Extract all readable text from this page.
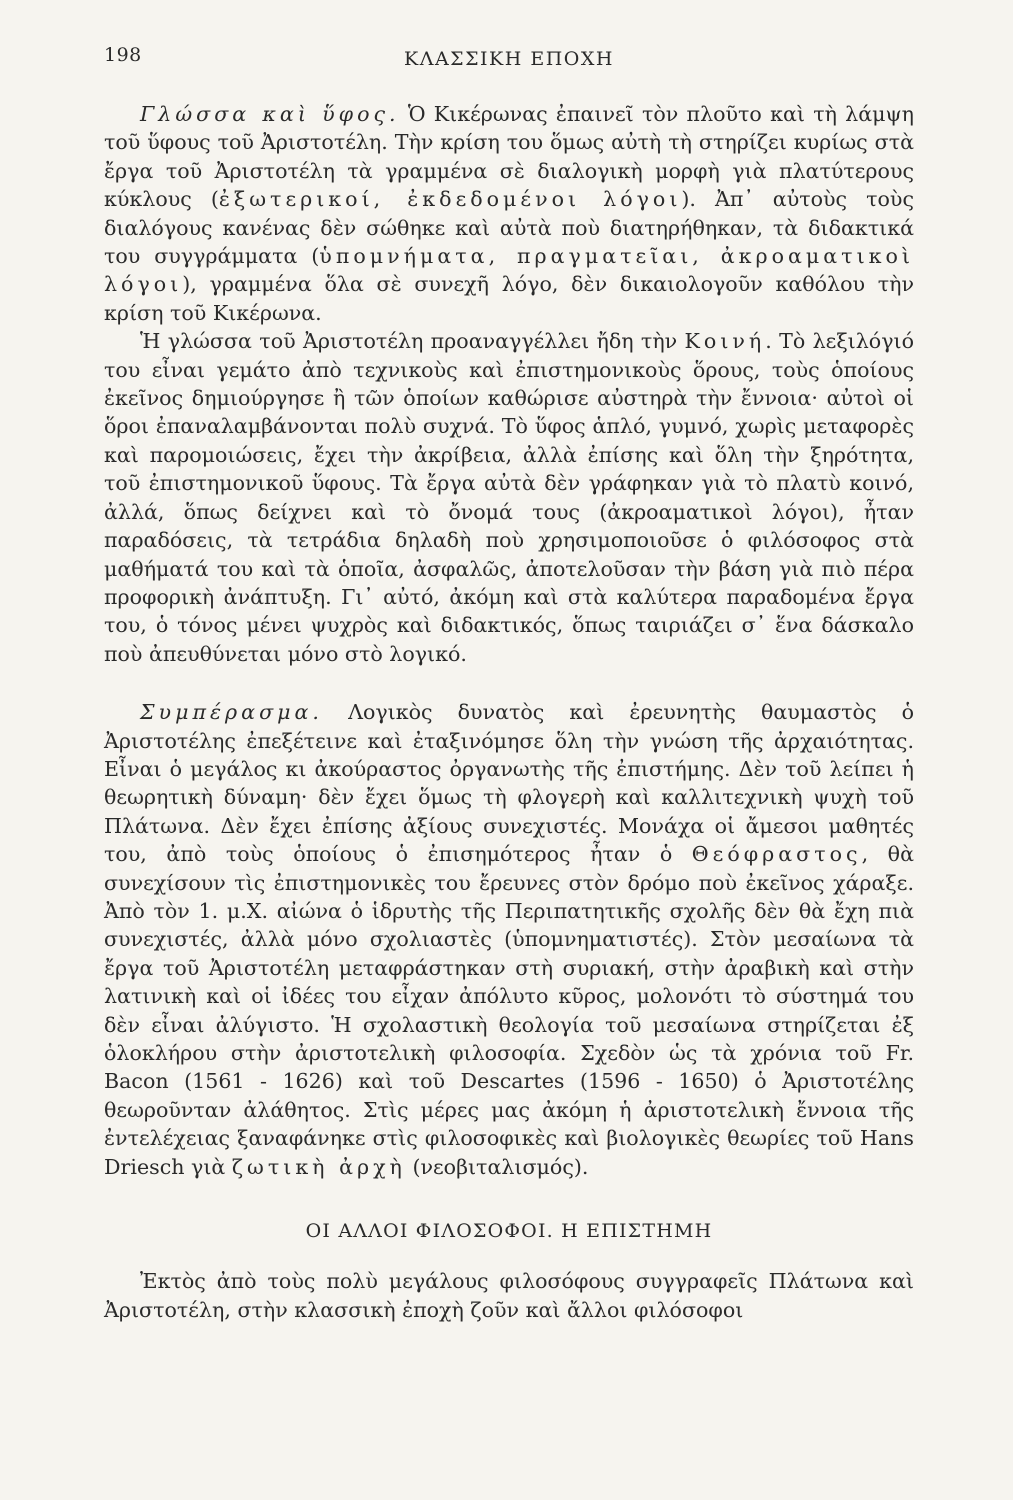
198	ΚΛΑΣΣΙΚΗ ΕΠΟΧΗ

Γλώσσα καὶ ὕφος. Ὁ Κικέρωνας ἐπαινεῖ τὸν πλοῦτο καὶ τὴ λάμψη τοῦ ὕφους τοῦ Ἀριστοτέλη. Τὴν κρίση του ὅμως αὐτὴ τὴ στηρίζει κυρίως στὰ ἔργα τοῦ Ἀριστοτέλη τὰ γραμμένα σὲ διαλογικὴ μορφὴ γιὰ πλατύτερους κύκλους (ἐξωτερικοί, ἐκδεδομένοι λόγοι). Ἀπ᾽ αὐτοὺς τοὺς διαλόγους κανένας δὲν σώθηκε καὶ αὐτὰ ποὺ διατηρήθηκαν, τὰ διδακτικά του συγγράμματα (ὑπομνήματα, πραγματεῖαι, ἀκροαματικοὶ λόγοι), γραμμένα ὅλα σὲ συνεχῆ λόγο, δὲν δικαιολογοῦν καθόλου τὴν κρίση τοῦ Κικέρωνα.

Ἡ γλώσσα τοῦ Ἀριστοτέλη προαναγγέλλει ἤδη τὴν Κοινή. Τὸ λεξιλόγιό του εἶναι γεμάτο ἀπὸ τεχνικοὺς καὶ ἐπιστημονικοὺς ὅρους, τοὺς ὁποίους ἐκεῖνος δημιούργησε ἢ τῶν ὁποίων καθώρισε αὐστηρὰ τὴν ἔννοια· αὐτοὶ οἱ ὅροι ἐπαναλαμβάνονται πολὺ συχνά. Τὸ ὕφος ἁπλό, γυμνό, χωρὶς μεταφορὲς καὶ παρομοιώσεις, ἔχει τὴν ἀκρίβεια, ἀλλὰ ἐπίσης καὶ ὅλη τὴν ξηρότητα, τοῦ ἐπιστημονικοῦ ὕφους. Τὰ ἔργα αὐτὰ δὲν γράφηκαν γιὰ τὸ πλατὺ κοινό, ἀλλά, ὅπως δείχνει καὶ τὸ ὄνομά τους (ἀκροαματικοὶ λόγοι), ἦταν παραδόσεις, τὰ τετράδια δηλαδὴ ποὺ χρησιμοποιοῦσε ὁ φιλόσοφος στὰ μαθήματά του καὶ τὰ ὁποῖα, ἀσφαλῶς, ἀποτελοῦσαν τὴν βάση γιὰ πιὸ πέρα προφορικὴ ἀνάπτυξη. Γι᾽ αὐτό, ἀκόμη καὶ στὰ καλύτερα παραδομένα ἔργα του, ὁ τόνος μένει ψυχρὸς καὶ διδακτικός, ὅπως ταιριάζει σ᾽ ἕνα δάσκαλο ποὺ ἀπευθύνεται μόνο στὸ λογικό.

Συμπέρασμα. Λογικὸς δυνατὸς καὶ ἐρευνητὴς θαυμαστὸς ὁ Ἀριστοτέλης ἐπεξέτεινε καὶ ἐταξινόμησε ὅλη τὴν γνώση τῆς ἀρχαιότητας. Εἶναι ὁ μεγάλος κι ἀκούραστος ὀργανωτὴς τῆς ἐπιστήμης. Δὲν τοῦ λείπει ἡ θεωρητικὴ δύναμη· δὲν ἔχει ὅμως τὴ φλογερὴ καὶ καλλιτεχνικὴ ψυχὴ τοῦ Πλάτωνα. Δὲν ἔχει ἐπίσης ἀξίους συνεχιστές. Μονάχα οἱ ἄμεσοι μαθητές του, ἀπὸ τοὺς ὁποίους ὁ ἐπισημότερος ἦταν ὁ Θεόφραστος, θὰ συνεχίσουν τὶς ἐπιστημονικὲς του ἔρευνες στὸν δρόμο ποὺ ἐκεῖνος χάραξε. Ἀπὸ τὸν 1. μ.Χ. αἰώνα ὁ ἱδρυτὴς τῆς Περιπατητικῆς σχολῆς δὲν θὰ ἔχη πιὰ συνεχιστές, ἀλλὰ μόνο σχολιαστὲς (ὑπομνηματιστές). Στὸν μεσαίωνα τὰ ἔργα τοῦ Ἀριστοτέλη μεταφράστηκαν στὴ συριακή, στὴν ἀραβικὴ καὶ στὴν λατινικὴ καὶ οἱ ἰδέες του εἶχαν ἀπόλυτο κῦρος, μολονότι τὸ σύστημά του δὲν εἶναι ἀλύγιστο. Ἡ σχολαστικὴ θεολογία τοῦ μεσαίωνα στηρίζεται ἐξ ὁλοκλήρου στὴν ἀριστοτελικὴ φιλοσοφία. Σχεδὸν ὡς τὰ χρόνια τοῦ Fr. Bacon (1561 - 1626) καὶ τοῦ Descartes (1596 - 1650) ὁ Ἀριστοτέλης θεωροῦνταν ἀλάθητος. Στὶς μέρες μας ἀκόμη ἡ ἀριστοτελικὴ ἔννοια τῆς ἐντελέχειας ξαναφάνηκε στὶς φιλοσοφικὲς καὶ βιολογικὲς θεωρίες τοῦ Hans Driesch γιὰ ζωτικὴ ἀρχὴ (νεοβιταλισμός).

ΟΙ ΑΛΛΟΙ ΦΙΛΟΣΟΦΟΙ. Η ΕΠΙΣΤΗΜΗ

Ἐκτὸς ἀπὸ τοὺς πολὺ μεγάλους φιλοσόφους συγγραφεῖς Πλάτωνα καὶ Ἀριστοτέλη, στὴν κλασσικὴ ἐποχὴ ζοῦν καὶ ἄλλοι φιλόσοφοι
